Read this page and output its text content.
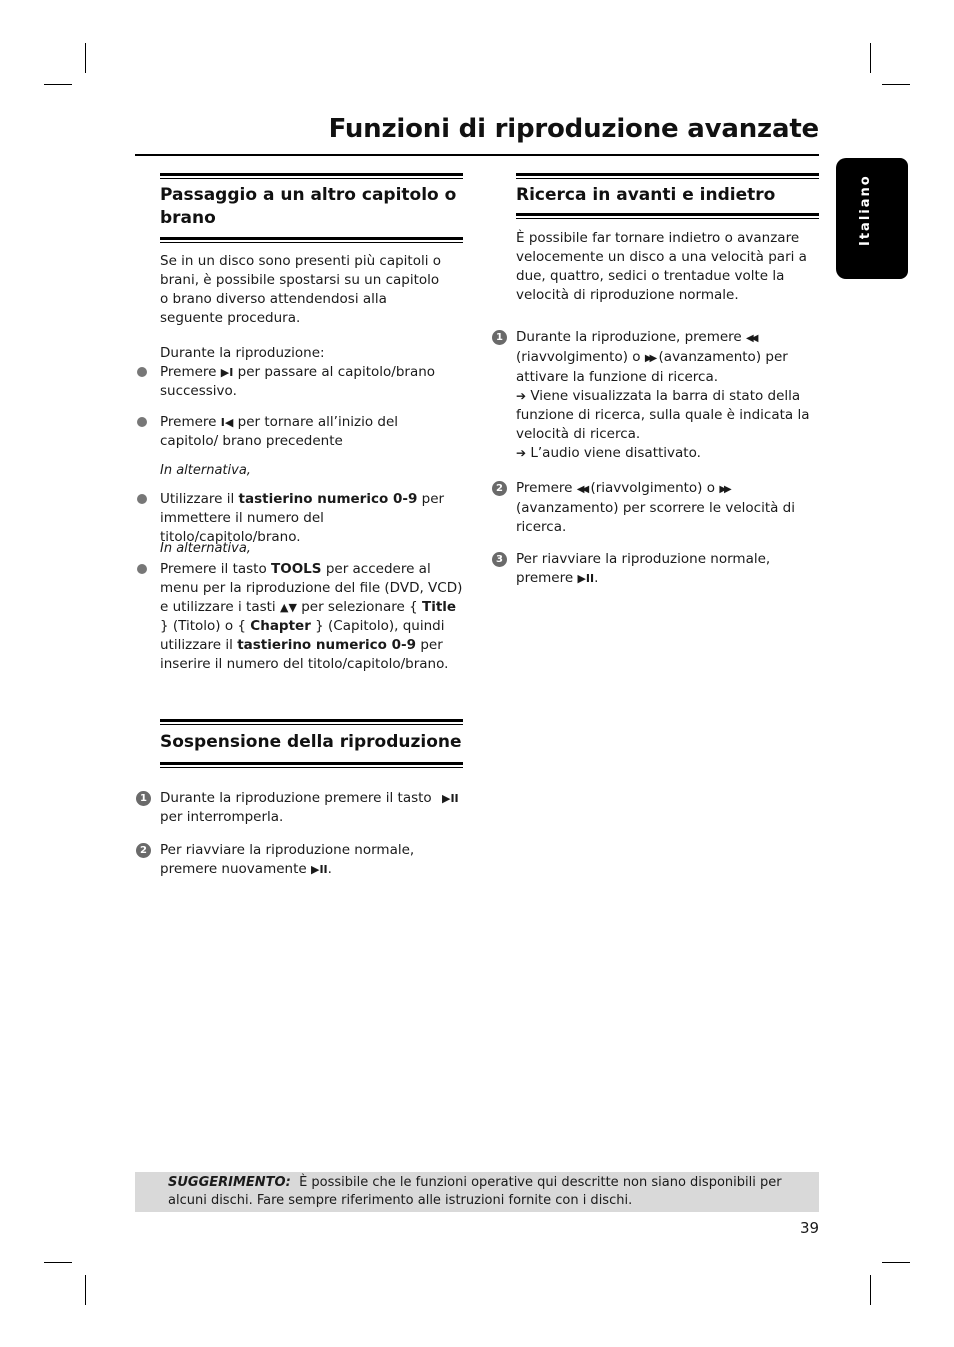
Funzioni di riproduzione avanzate
Italiano
Passaggio a un altro capitolo o brano
Se in un disco sono presenti più capitoli o brani, è possibile spostarsi su un capitolo o brano diverso attendendosi alla seguente procedura.
Durante la riproduzione:
Premere ▶I per passare al capitolo/brano successivo.
Premere I◀ per tornare all’inizio del capitolo/ brano precedente
In alternativa,
Utilizzare il tastierino numerico 0-9 per immettere il numero del titolo/capitolo/brano.
In alternativa,
Premere il tasto TOOLS per accedere al menu per la riproduzione del file (DVD, VCD) e utilizzare i tasti ▲▼ per selezionare { Title } (Titolo) o { Chapter } (Capitolo), quindi utilizzare il tastierino numerico 0-9 per inserire il numero del titolo/capitolo/brano.
Sospensione della riproduzione
1 Durante la riproduzione premere il tasto ▶II per interromperla.
2 Per riavviare la riproduzione normale, premere nuovamente ▶II.
Ricerca in avanti e indietro
È possibile far tornare indietro o avanzare velocemente un disco a una velocità pari a due, quattro, sedici o trentadue volte la velocità di riproduzione normale.
1 Durante la riproduzione, premere ◀◀ (riavvolgimento) o ▶▶ (avanzamento) per attivare la funzione di ricerca.
➔ Viene visualizzata la barra di stato della funzione di ricerca, sulla quale è indicata la velocità di ricerca.
➔ L’audio viene disattivato.
2 Premere ◀◀ (riavvolgimento) o ▶▶ (avanzamento) per scorrere le velocità di ricerca.
3 Per riavviare la riproduzione normale, premere ▶II.
SUGGERIMENTO: È possibile che le funzioni operative qui descritte non siano disponibili per alcuni dischi. Fare sempre riferimento alle istruzioni fornite con i dischi.
39
